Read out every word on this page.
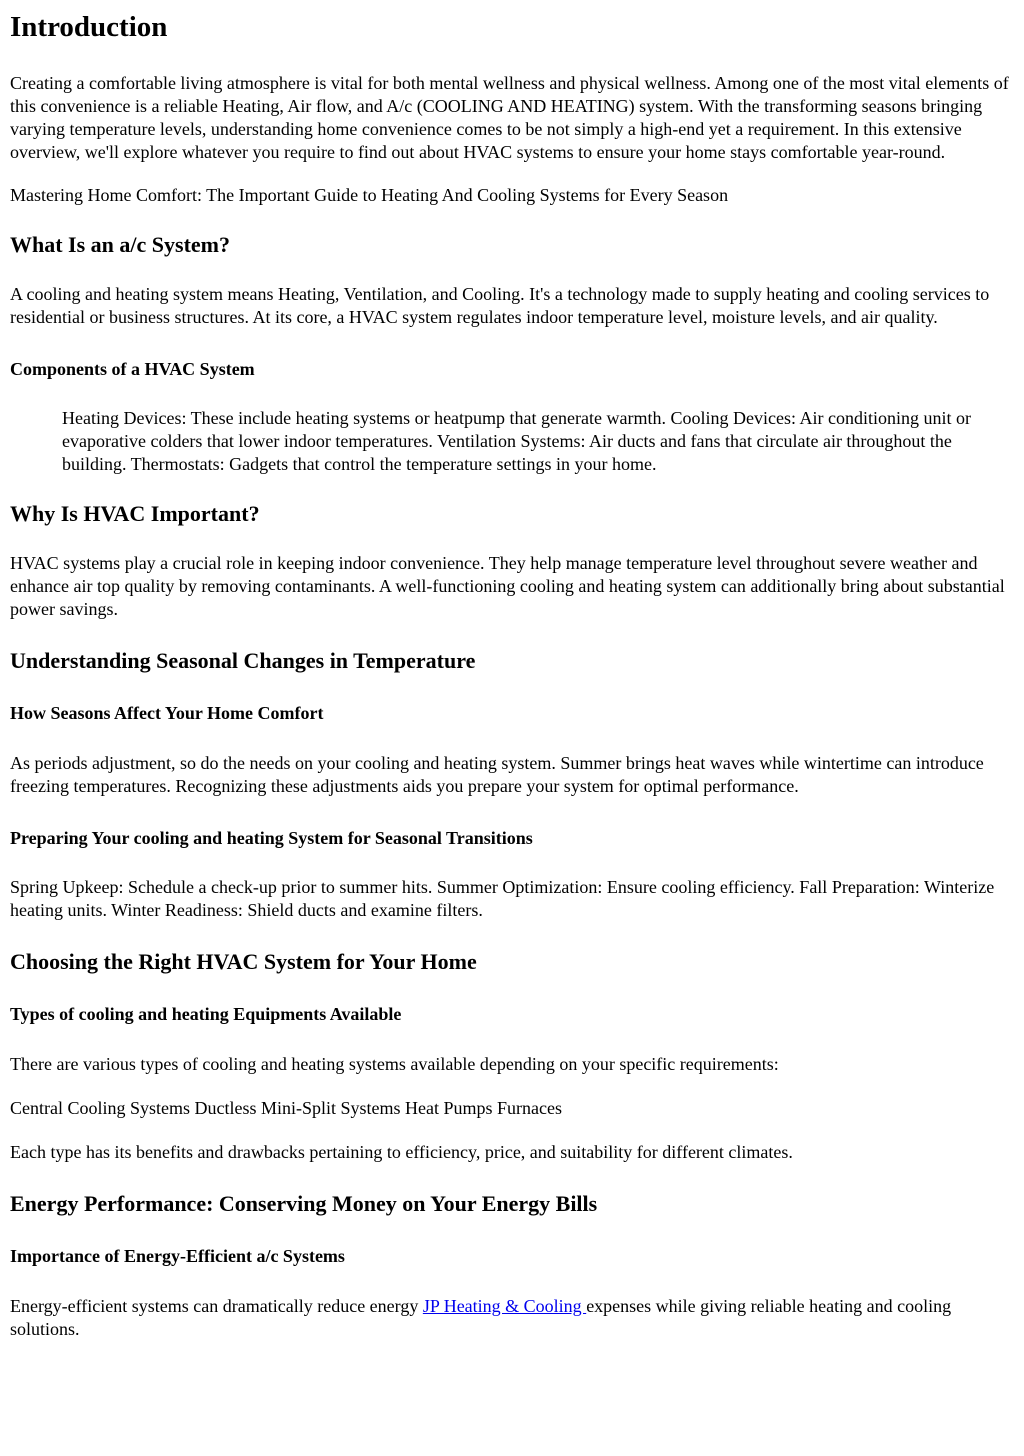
Introduction

Creating a comfortable living atmosphere is vital for both mental wellness and physical wellness. Among one of the most vital elements of this convenience is a reliable Heating, Air flow, and A/c (COOLING AND HEATING) system. With the transforming seasons bringing varying temperature levels, understanding home convenience comes to be not simply a high-end yet a requirement. In this extensive overview, we'll explore whatever you require to find out about HVAC systems to ensure your home stays comfortable year-round.

Mastering Home Comfort: The Important Guide to Heating And Cooling Systems for Every Season

What Is an a/c System?

A cooling and heating system means Heating, Ventilation, and Cooling. It's a technology made to supply heating and cooling services to residential or business structures. At its core, a HVAC system regulates indoor temperature level, moisture levels, and air quality.

Components of a HVAC System
Heating Devices: These include heating systems or heatpump that generate warmth. Cooling Devices: Air conditioning unit or evaporative colders that lower indoor temperatures. Ventilation Systems: Air ducts and fans that circulate air throughout the building. Thermostats: Gadgets that control the temperature settings in your home.
Why Is HVAC Important?

HVAC systems play a crucial role in keeping indoor convenience. They help manage temperature level throughout severe weather and enhance air top quality by removing contaminants. A well-functioning cooling and heating system can additionally bring about substantial power savings.

Understanding Seasonal Changes in Temperature
How Seasons Affect Your Home Comfort

As periods adjustment, so do the needs on your cooling and heating system. Summer brings heat waves while wintertime can introduce freezing temperatures. Recognizing these adjustments aids you prepare your system for optimal performance.

Preparing Your cooling and heating System for Seasonal Transitions

Spring Upkeep: Schedule a check-up prior to summer hits. Summer Optimization: Ensure cooling efficiency. Fall Preparation: Winterize heating units. Winter Readiness: Shield ducts and examine filters.

Choosing the Right HVAC System for Your Home
Types of cooling and heating Equipments Available

There are various types of cooling and heating systems available depending on your specific requirements:

Central Cooling Systems Ductless Mini-Split Systems Heat Pumps Furnaces

Each type has its benefits and drawbacks pertaining to efficiency, price, and suitability for different climates.

Energy Performance: Conserving Money on Your Energy Bills
Importance of Energy-Efficient a/c Systems

Energy-efficient systems can dramatically reduce energy JP Heating & Cooling expenses while giving reliable heating and cooling solutions.
